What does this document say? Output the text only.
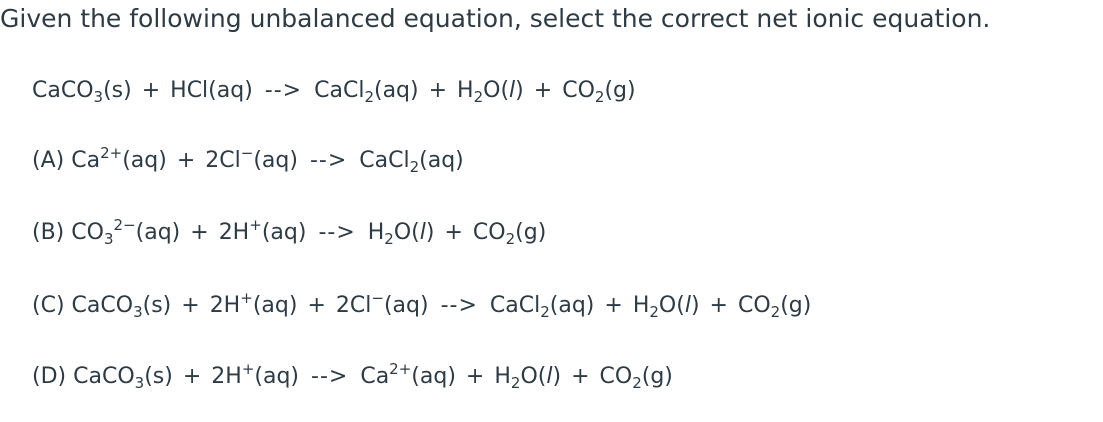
Given the following unbalanced equation, select the correct net ionic equation.
CaCO$_3$(s) + HCl(aq) --> CaCl$_2$(aq) + $H_2O(l) + CO_2(g)$
(A) $Ca^{2+}(aq) + 2Cl^-(aq)$ --> CaCl$_2$(aq)
(B) $CO_3^{2-}(aq) + 2H^+(aq)$ --> $H_2O(l) + CO_2(g)$
(C) CaCO$_3$(s) + 2H+(aq) + 2Cl−(aq) --> CaCl$_2$(aq) + $H_2O(l) + CO_2(g)$
(D) CaCO$_3$(s) + 2H+(aq) --> $Ca^{2+}(aq) + H_2O(l) + CO_2(g)$
